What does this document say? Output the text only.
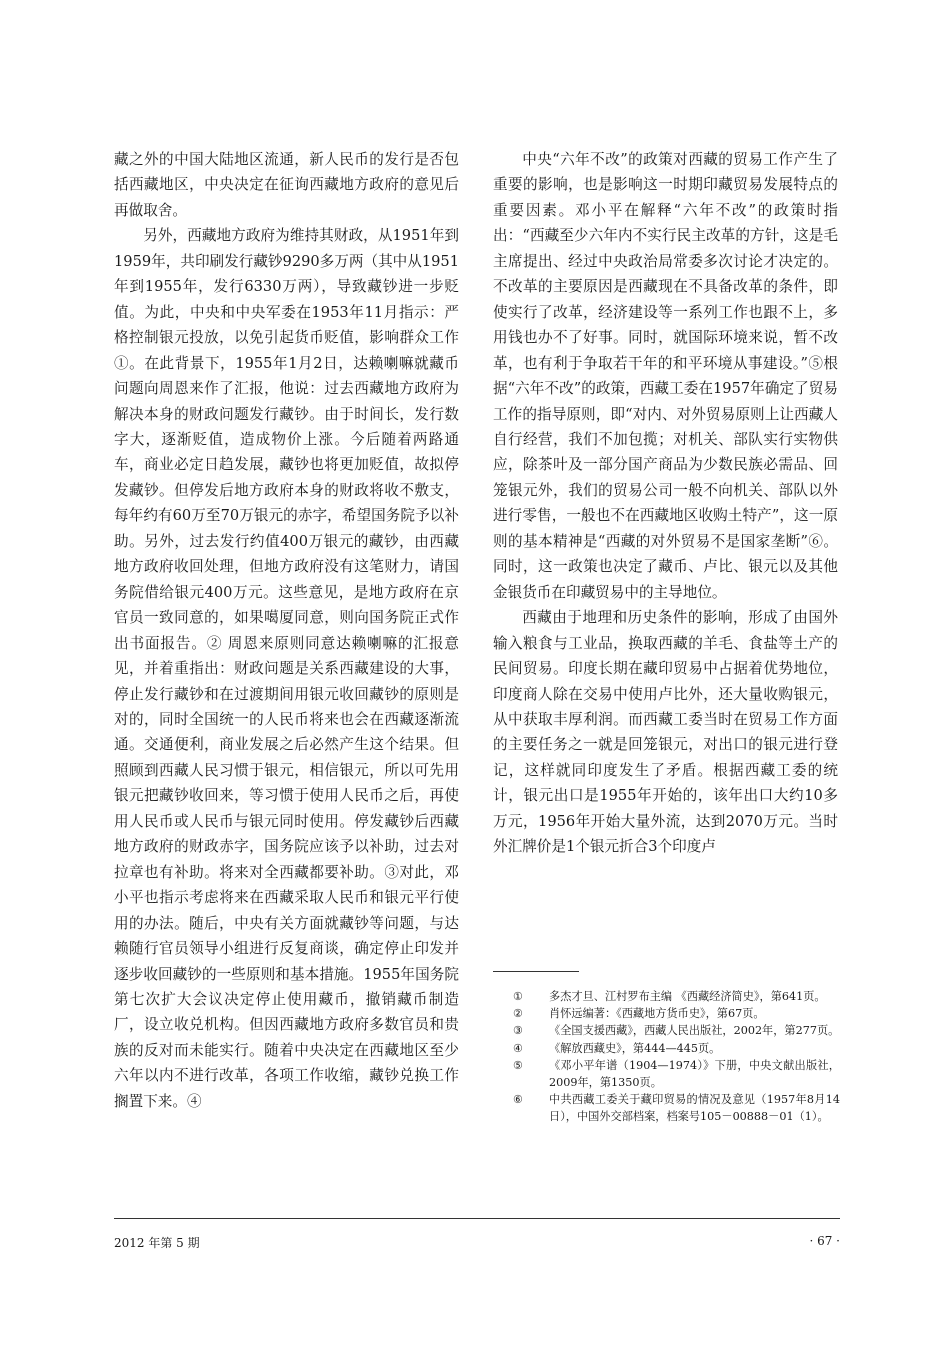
藏之外的中国大陆地区流通，新人民币的发行是否包括西藏地区，中央决定在征询西藏地方政府的意见后再做取舍。

另外，西藏地方政府为维持其财政，从1951年到1959年，共印刷发行藏钞9290多万两（其中从1951年到1955年，发行6330万两），导致藏钞进一步贬值。为此，中央和中央军委在1953年11月指示：严格控制银元投放，以免引起货币贬值，影响群众工作①。在此背景下，1955年1月2日，达赖喇嘛就藏币问题向周恩来作了汇报，他说：过去西藏地方政府为解决本身的财政问题发行藏钞。由于时间长，发行数字大，逐渐贬值，造成物价上涨。今后随着两路通车，商业必定日趋发展，藏钞也将更加贬值，故拟停发藏钞。但停发后地方政府本身的财政将收不敷支，每年约有60万至70万银元的赤字，希望国务院予以补助。另外，过去发行约值400万银元的藏钞，由西藏地方政府收回处理，但地方政府没有这笔财力，请国务院借给银元400万元。这些意见，是地方政府在京官员一致同意的，如果噶厦同意，则向国务院正式作出书面报告。② 周恩来原则同意达赖喇嘛的汇报意见，并着重指出：财政问题是关系西藏建设的大事，停止发行藏钞和在过渡期间用银元收回藏钞的原则是对的，同时全国统一的人民币将来也会在西藏逐渐流通。交通便利，商业发展之后必然产生这个结果。但照顾到西藏人民习惯于银元，相信银元，所以可先用银元把藏钞收回来，等习惯于使用人民币之后，再使用人民币或人民币与银元同时使用。停发藏钞后西藏地方政府的财政赤字，国务院应该予以补助，过去对拉章也有补助。将来对全西藏都要补助。③对此，邓小平也指示考虑将来在西藏采取人民币和银元平行使用的办法。随后，中央有关方面就藏钞等问题，与达赖随行官员领导小组进行反复商谈，确定停止印发并逐步收回藏钞的一些原则和基本措施。1955年国务院第七次扩大会议决定停止使用藏币，撤销藏币制造厂，设立收兑机构。但因西藏地方政府多数官员和贵族的反对而未能实行。随着中央决定在西藏地区至少六年以内不进行改革，各项工作收缩，藏钞兑换工作搁置下来。④

中央“六年不改”的政策对西藏的贸易工作产生了重要的影响，也是影响这一时期印藏贸易发展特点的重要因素。邓小平在解释“六年不改”的政策时指出：“西藏至少六年内不实行民主改革的方针，这是毛主席提出、经过中央政治局常委多次讨论才决定的。不改革的主要原因是西藏现在不具备改革的条件，即使实行了改革，经济建设等一系列工作也跟不上，多用钱也办不了好事。同时，就国际环境来说，暂不改革，也有利于争取若干年的和平环境从事建设。”⑤根据“六年不改”的政策，西藏工委在1957年确定了贸易工作的指导原则，即“对内、对外贸易原则上让西藏人自行经营，我们不加包揽；对机关、部队实行实物供应，除茶叶及一部分国产商品为少数民族必需品、回笼银元外，我们的贸易公司一般不向机关、部队以外进行零售，一般也不在西藏地区收购土特产”，这一原则的基本精神是“西藏的对外贸易不是国家垄断”⑥。同时，这一政策也决定了藏币、卢比、银元以及其他金银货币在印藏贸易中的主导地位。

西藏由于地理和历史条件的影响，形成了由国外输入粮食与工业品，换取西藏的羊毛、食盐等土产的民间贸易。印度长期在藏印贸易中占据着优势地位，印度商人除在交易中使用卢比外，还大量收购银元，从中获取丰厚利润。而西藏工委当时在贸易工作方面的主要任务之一就是回笼银元，对出口的银元进行登记，这样就同印度发生了矛盾。根据西藏工委的统计，银元出口是1955年开始的，该年出口大约10多万元，1956年开始大量外流，达到2070万元。当时外汇牌价是1个银元折合3个印度卢

①	多杰才旦、江村罗布主编 《西藏经济简史》，第641页。
②	肖怀远编著：《西藏地方货币史》，第67页。
③	《全国支援西藏》，西藏人民出版社，2002年，第277页。
④	《解放西藏史》，第444—445页。
⑤	《邓小平年谱（1904—1974）》下册，中央文献出版社，2009年，第1350页。
⑥	中共西藏工委关于藏印贸易的情况及意见（1957年8月14日），中国外交部档案，档案号105－00888－01（1）。
2012 年第 5 期	· 67 ·
